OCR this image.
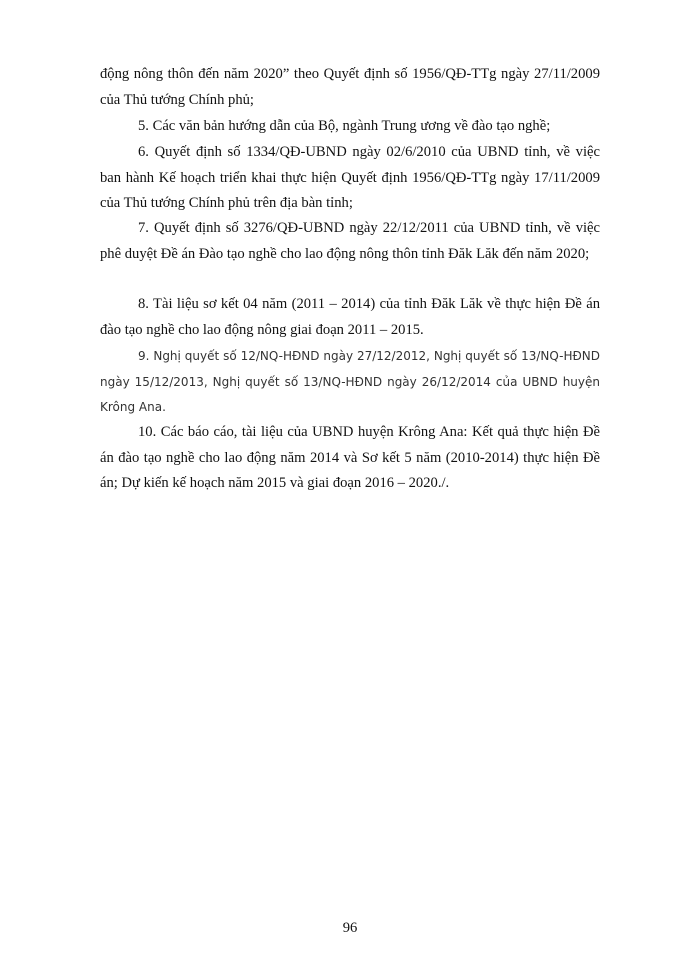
động nông thôn đến năm 2020” theo Quyết định số 1956/QĐ-TTg ngày 27/11/2009 của Thủ tướng Chính phủ;

5. Các văn bản hướng dẫn của Bộ, ngành Trung ương về đào tạo nghề;

6. Quyết định số 1334/QĐ-UBND ngày 02/6/2010 của UBND tỉnh, về việc ban hành Kế hoạch triển khai thực hiện Quyết định 1956/QĐ-TTg ngày 17/11/2009 của Thủ tướng Chính phủ trên địa bàn tỉnh;

7. Quyết định số 3276/QĐ-UBND ngày 22/12/2011 của UBND tỉnh, về việc phê duyệt Đề án Đào tạo nghề cho lao động nông thôn tỉnh Đăk Lăk đến năm 2020;

8. Tài liệu sơ kết 04 năm (2011 – 2014) của tỉnh Đăk Lăk về thực hiện Đề án đào tạo nghề cho lao động nông giai đoạn 2011 – 2015.

9. Nghị quyết số 12/NQ-HĐND ngày 27/12/2012, Nghị quyết số 13/NQ-HĐND ngày 15/12/2013, Nghị quyết số 13/NQ-HĐND ngày 26/12/2014 của UBND huyện Krông Ana.

10. Các báo cáo, tài liệu của UBND huyện Krông Ana: Kết quả thực hiện Đề án đào tạo nghề cho lao động năm 2014 và Sơ kết 5 năm (2010-2014) thực hiện Đề án; Dự kiến kế hoạch năm 2015 và giai đoạn 2016 – 2020./.

96
